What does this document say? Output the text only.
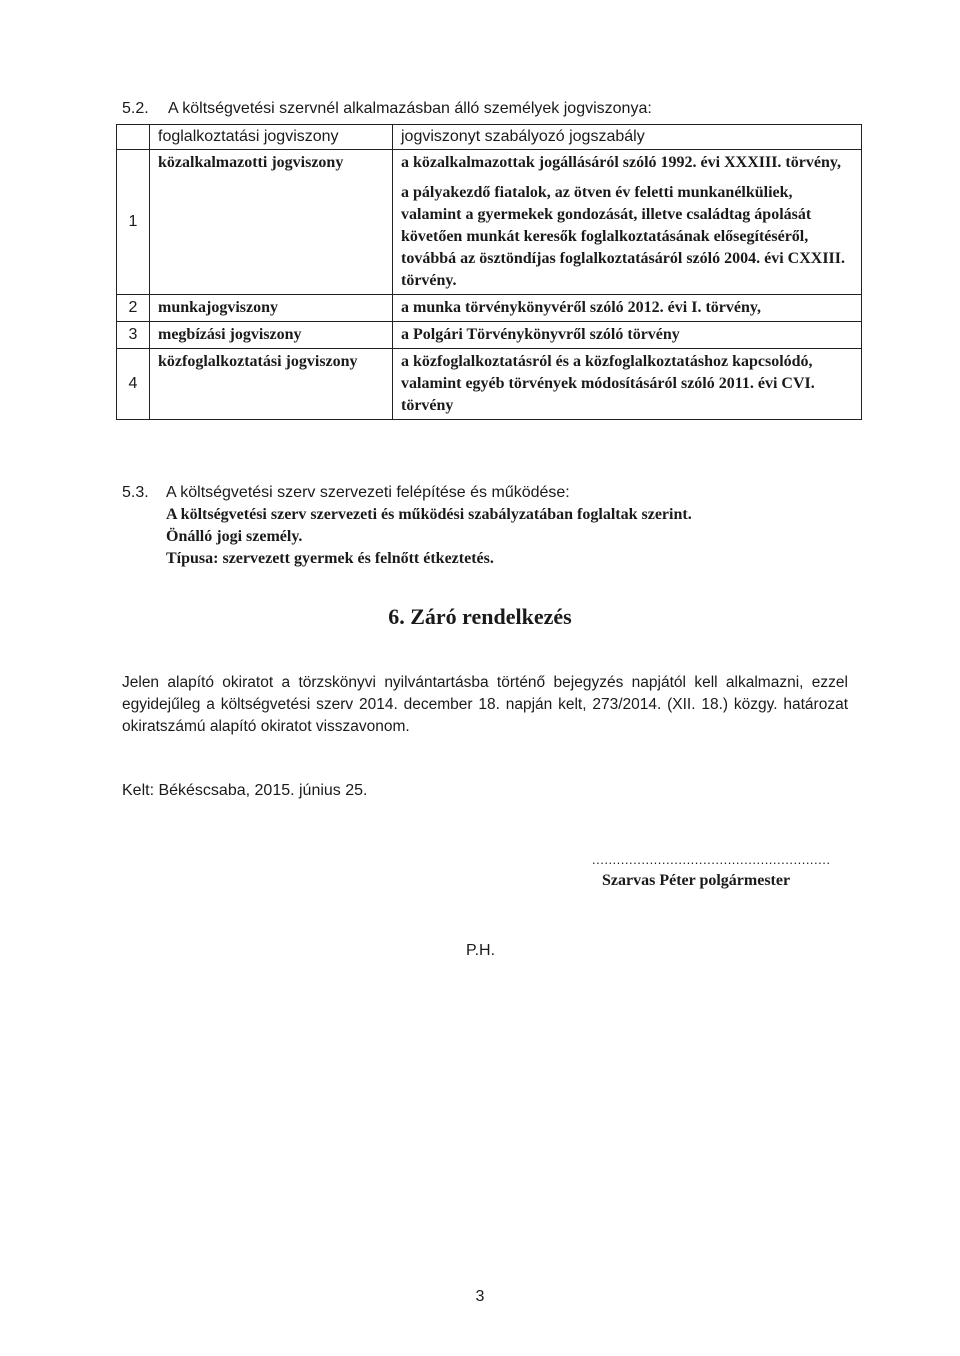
5.2. A költségvetési szervnél alkalmazásban álló személyek jogviszonya:
	foglalkoztatási jogviszony	jogviszonyt szabályozó jogszabály
1	közalkalmazotti jogviszony	a közalkalmazottak jogállásáról szóló 1992. évi XXXIII. törvény,
a pályakezdő fiatalok, az ötven év feletti munkanélküliek, valamint a gyermekek gondozását, illetve családtag ápolását követően munkát keresők foglalkoztatásának elősegítéséről, továbbá az ösztöndíjas foglalkoztatásáról szóló 2004. évi CXXIII. törvény.

2	munkajogviszony	a munka törvénykönyvéről szóló 2012. évi I. törvény,

3	megbízási jogviszony	a Polgári Törvénykönyvről szóló törvény

4	közfoglalkoztatási jogviszony	a közfoglalkoztatásról és a közfoglalkoztatáshoz kapcsolódó, valamint egyéb törvények módosításáról szóló 2011. évi CVI. törvény
5.3. A költségvetési szerv szervezeti felépítése és működése:
A költségvetési szerv szervezeti és működési szabályzatában foglaltak szerint.
Önálló jogi személy.
Típusa: szervezett gyermek és felnőtt étkeztetés.
6. Záró rendelkezés
Jelen alapító okiratot a törzskönyvi nyilvántartásba történő bejegyzés napjától kell alkalmazni, ezzel egyidejűleg a költségvetési szerv 2014. december 18. napján kelt, 273/2014. (XII. 18.) közgy. határozat okiratszámú alapító okiratot visszavonom.
Kelt: Békéscsaba, 2015. június 25.
..........................................................
Szarvas Péter polgármester
P.H.
3
